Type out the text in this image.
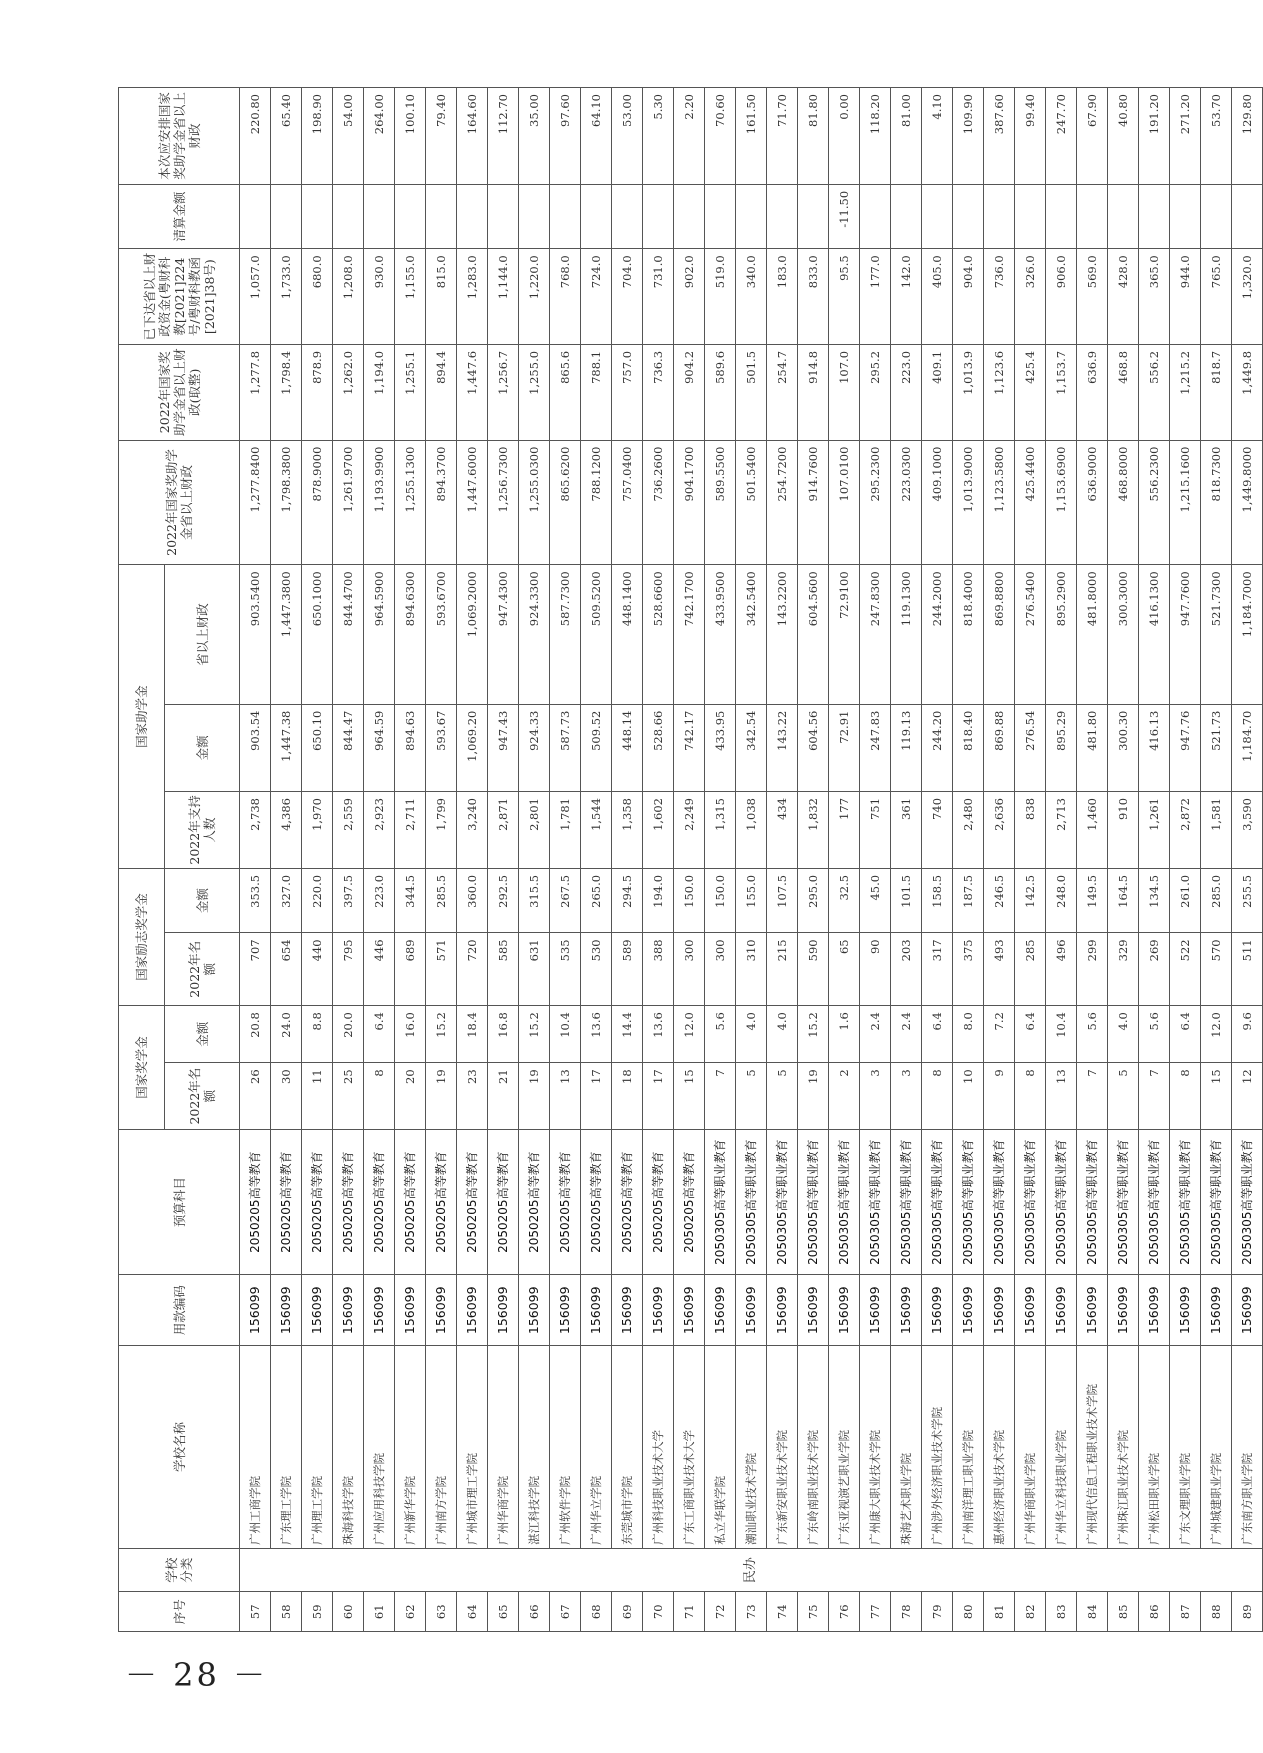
序号	学校分类	学校名称	用款编码	预算科目	国家奖学金		国家励志奖学金		国家助学金			2022年国家奖助学金省以上财政	2022年国家奖助学金省以上财政(取整)	已下达省以上财政资金(粤财科教[2021]224号/粤财科教函[2021]38号)	清算金额	本次应安排国家奖助学金省以上财政
					2022年名额	金额	2022年名额	金额	2022年支持人数	金额	省以上财政					
57	民办	广州工商学院	156099	2050205高等教育	26	20.8	707	353.5	2,738	903.54	903.5400	1,277.8400	1,277.8	1,057.0		220.80
58		广东理工学院	156099	2050205高等教育	30	24.0	654	327.0	4,386	1,447.38	1,447.3800	1,798.3800	1,798.4	1,733.0		65.40
59		广州理工学院	156099	2050205高等教育	11	8.8	440	220.0	1,970	650.10	650.1000	878.9000	878.9	680.0		198.90
60		珠海科技学院	156099	2050205高等教育	25	20.0	795	397.5	2,559	844.47	844.4700	1,261.9700	1,262.0	1,208.0		54.00
61		广州应用科技学院	156099	2050205高等教育	8	6.4	446	223.0	2,923	964.59	964.5900	1,193.9900	1,194.0	930.0		264.00
62		广州新华学院	156099	2050205高等教育	20	16.0	689	344.5	2,711	894.63	894.6300	1,255.1300	1,255.1	1,155.0		100.10
63		广州南方学院	156099	2050205高等教育	19	15.2	571	285.5	1,799	593.67	593.6700	894.3700	894.4	815.0		79.40
64		广州城市理工学院	156099	2050205高等教育	23	18.4	720	360.0	3,240	1,069.20	1,069.2000	1,447.6000	1,447.6	1,283.0		164.60
65		广州华商学院	156099	2050205高等教育	21	16.8	585	292.5	2,871	947.43	947.4300	1,256.7300	1,256.7	1,144.0		112.70
66		湛江科技学院	156099	2050205高等教育	19	15.2	631	315.5	2,801	924.33	924.3300	1,255.0300	1,255.0	1,220.0		35.00
67		广州软件学院	156099	2050205高等教育	13	10.4	535	267.5	1,781	587.73	587.7300	865.6200	865.6	768.0		97.60
68		广州华立学院	156099	2050205高等教育	17	13.6	530	265.0	1,544	509.52	509.5200	788.1200	788.1	724.0		64.10
69		东莞城市学院	156099	2050205高等教育	18	14.4	589	294.5	1,358	448.14	448.1400	757.0400	757.0	704.0		53.00
70		广州科技职业技术大学	156099	2050205高等教育	17	13.6	388	194.0	1,602	528.66	528.6600	736.2600	736.3	731.0		5.30
71		广东工商职业技术大学	156099	2050205高等教育	15	12.0	300	150.0	2,249	742.17	742.1700	904.1700	904.2	902.0		2.20
72		私立华联学院	156099	2050305高等职业教育	7	5.6	300	150.0	1,315	433.95	433.9500	589.5500	589.6	519.0		70.60
73		潮汕职业技术学院	156099	2050305高等职业教育	5	4.0	310	155.0	1,038	342.54	342.5400	501.5400	501.5	340.0		161.50
74		广东新安职业技术学院	156099	2050305高等职业教育	5	4.0	215	107.5	434	143.22	143.2200	254.7200	254.7	183.0		71.70
75		广东岭南职业技术学院	156099	2050305高等职业教育	19	15.2	590	295.0	1,832	604.56	604.5600	914.7600	914.8	833.0		81.80
76		广东亚视演艺职业学院	156099	2050305高等职业教育	2	1.6	65	32.5	177	72.91	72.9100	107.0100	107.0	95.5	-11.50	0.00
77		广州康大职业技术学院	156099	2050305高等职业教育	3	2.4	90	45.0	751	247.83	247.8300	295.2300	295.2	177.0		118.20
78		珠海艺术职业学院	156099	2050305高等职业教育	3	2.4	203	101.5	361	119.13	119.1300	223.0300	223.0	142.0		81.00
79		广州涉外经济职业技术学院	156099	2050305高等职业教育	8	6.4	317	158.5	740	244.20	244.2000	409.1000	409.1	405.0		4.10
80		广州南洋理工职业学院	156099	2050305高等职业教育	10	8.0	375	187.5	2,480	818.40	818.4000	1,013.9000	1,013.9	904.0		109.90
81		惠州经济职业技术学院	156099	2050305高等职业教育	9	7.2	493	246.5	2,636	869.88	869.8800	1,123.5800	1,123.6	736.0		387.60
82		广州华商职业学院	156099	2050305高等职业教育	8	6.4	285	142.5	838	276.54	276.5400	425.4400	425.4	326.0		99.40
83		广州华立科技职业学院	156099	2050305高等职业教育	13	10.4	496	248.0	2,713	895.29	895.2900	1,153.6900	1,153.7	906.0		247.70
84		广州现代信息工程职业技术学院	156099	2050305高等职业教育	7	5.6	299	149.5	1,460	481.80	481.8000	636.9000	636.9	569.0		67.90
85		广州珠江职业技术学院	156099	2050305高等职业教育	5	4.0	329	164.5	910	300.30	300.3000	468.8000	468.8	428.0		40.80
86		广州松田职业学院	156099	2050305高等职业教育	7	5.6	269	134.5	1,261	416.13	416.1300	556.2300	556.2	365.0		191.20
87		广东文理职业学院	156099	2050305高等职业教育	8	6.4	522	261.0	2,872	947.76	947.7600	1,215.1600	1,215.2	944.0		271.20
88		广州城建职业学院	156099	2050305高等职业教育	15	12.0	570	285.0	1,581	521.73	521.7300	818.7300	818.7	765.0		53.70
89		广东南方职业学院	156099	2050305高等职业教育	12	9.6	511	255.5	3,590	1,184.70	1,184.7000	1,449.8000	1,449.8	1,320.0		129.80
－ 28 －
